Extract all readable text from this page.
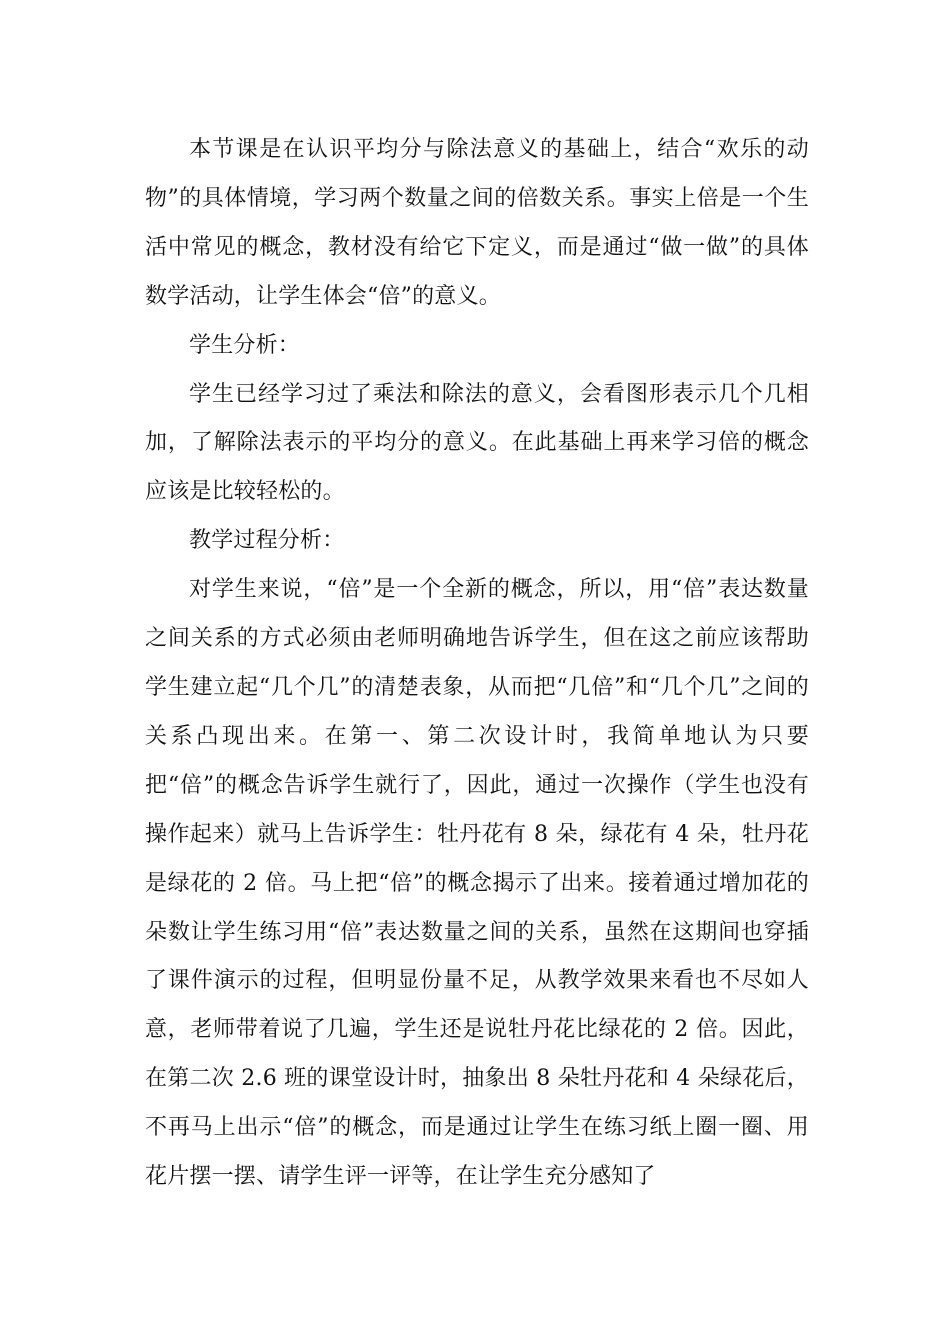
本节课是在认识平均分与除法意义的基础上，结合“欢乐的动物”的具体情境，学习两个数量之间的倍数关系。事实上倍是一个生活中常见的概念，教材没有给它下定义，而是通过“做一做”的具体数学活动，让学生体会“倍”的意义。

学生分析：

学生已经学习过了乘法和除法的意义，会看图形表示几个几相加，了解除法表示的平均分的意义。在此基础上再来学习倍的概念应该是比较轻松的。

教学过程分析：

对学生来说，“倍”是一个全新的概念，所以，用“倍”表达数量之间关系的方式必须由老师明确地告诉学生，但在这之前应该帮助学生建立起“几个几”的清楚表象，从而把“几倍”和“几个几”之间的关系凸现出来。在第一、第二次设计时，我简单地认为只要把“倍”的概念告诉学生就行了，因此，通过一次操作（学生也没有操作起来）就马上告诉学生：牡丹花有 8 朵，绿花有 4 朵，牡丹花是绿花的 2 倍。马上把“倍”的概念揭示了出来。接着通过增加花的朵数让学生练习用“倍”表达数量之间的关系，虽然在这期间也穿插了课件演示的过程，但明显份量不足，从教学效果来看也不尽如人意，老师带着说了几遍，学生还是说牡丹花比绿花的 2 倍。因此，在第二次 2.6 班的课堂设计时，抽象出 8 朵牡丹花和 4 朵绿花后，不再马上出示“倍”的概念，而是通过让学生在练习纸上圈一圈、用花片摆一摆、请学生评一评等，在让学生充分感知了
